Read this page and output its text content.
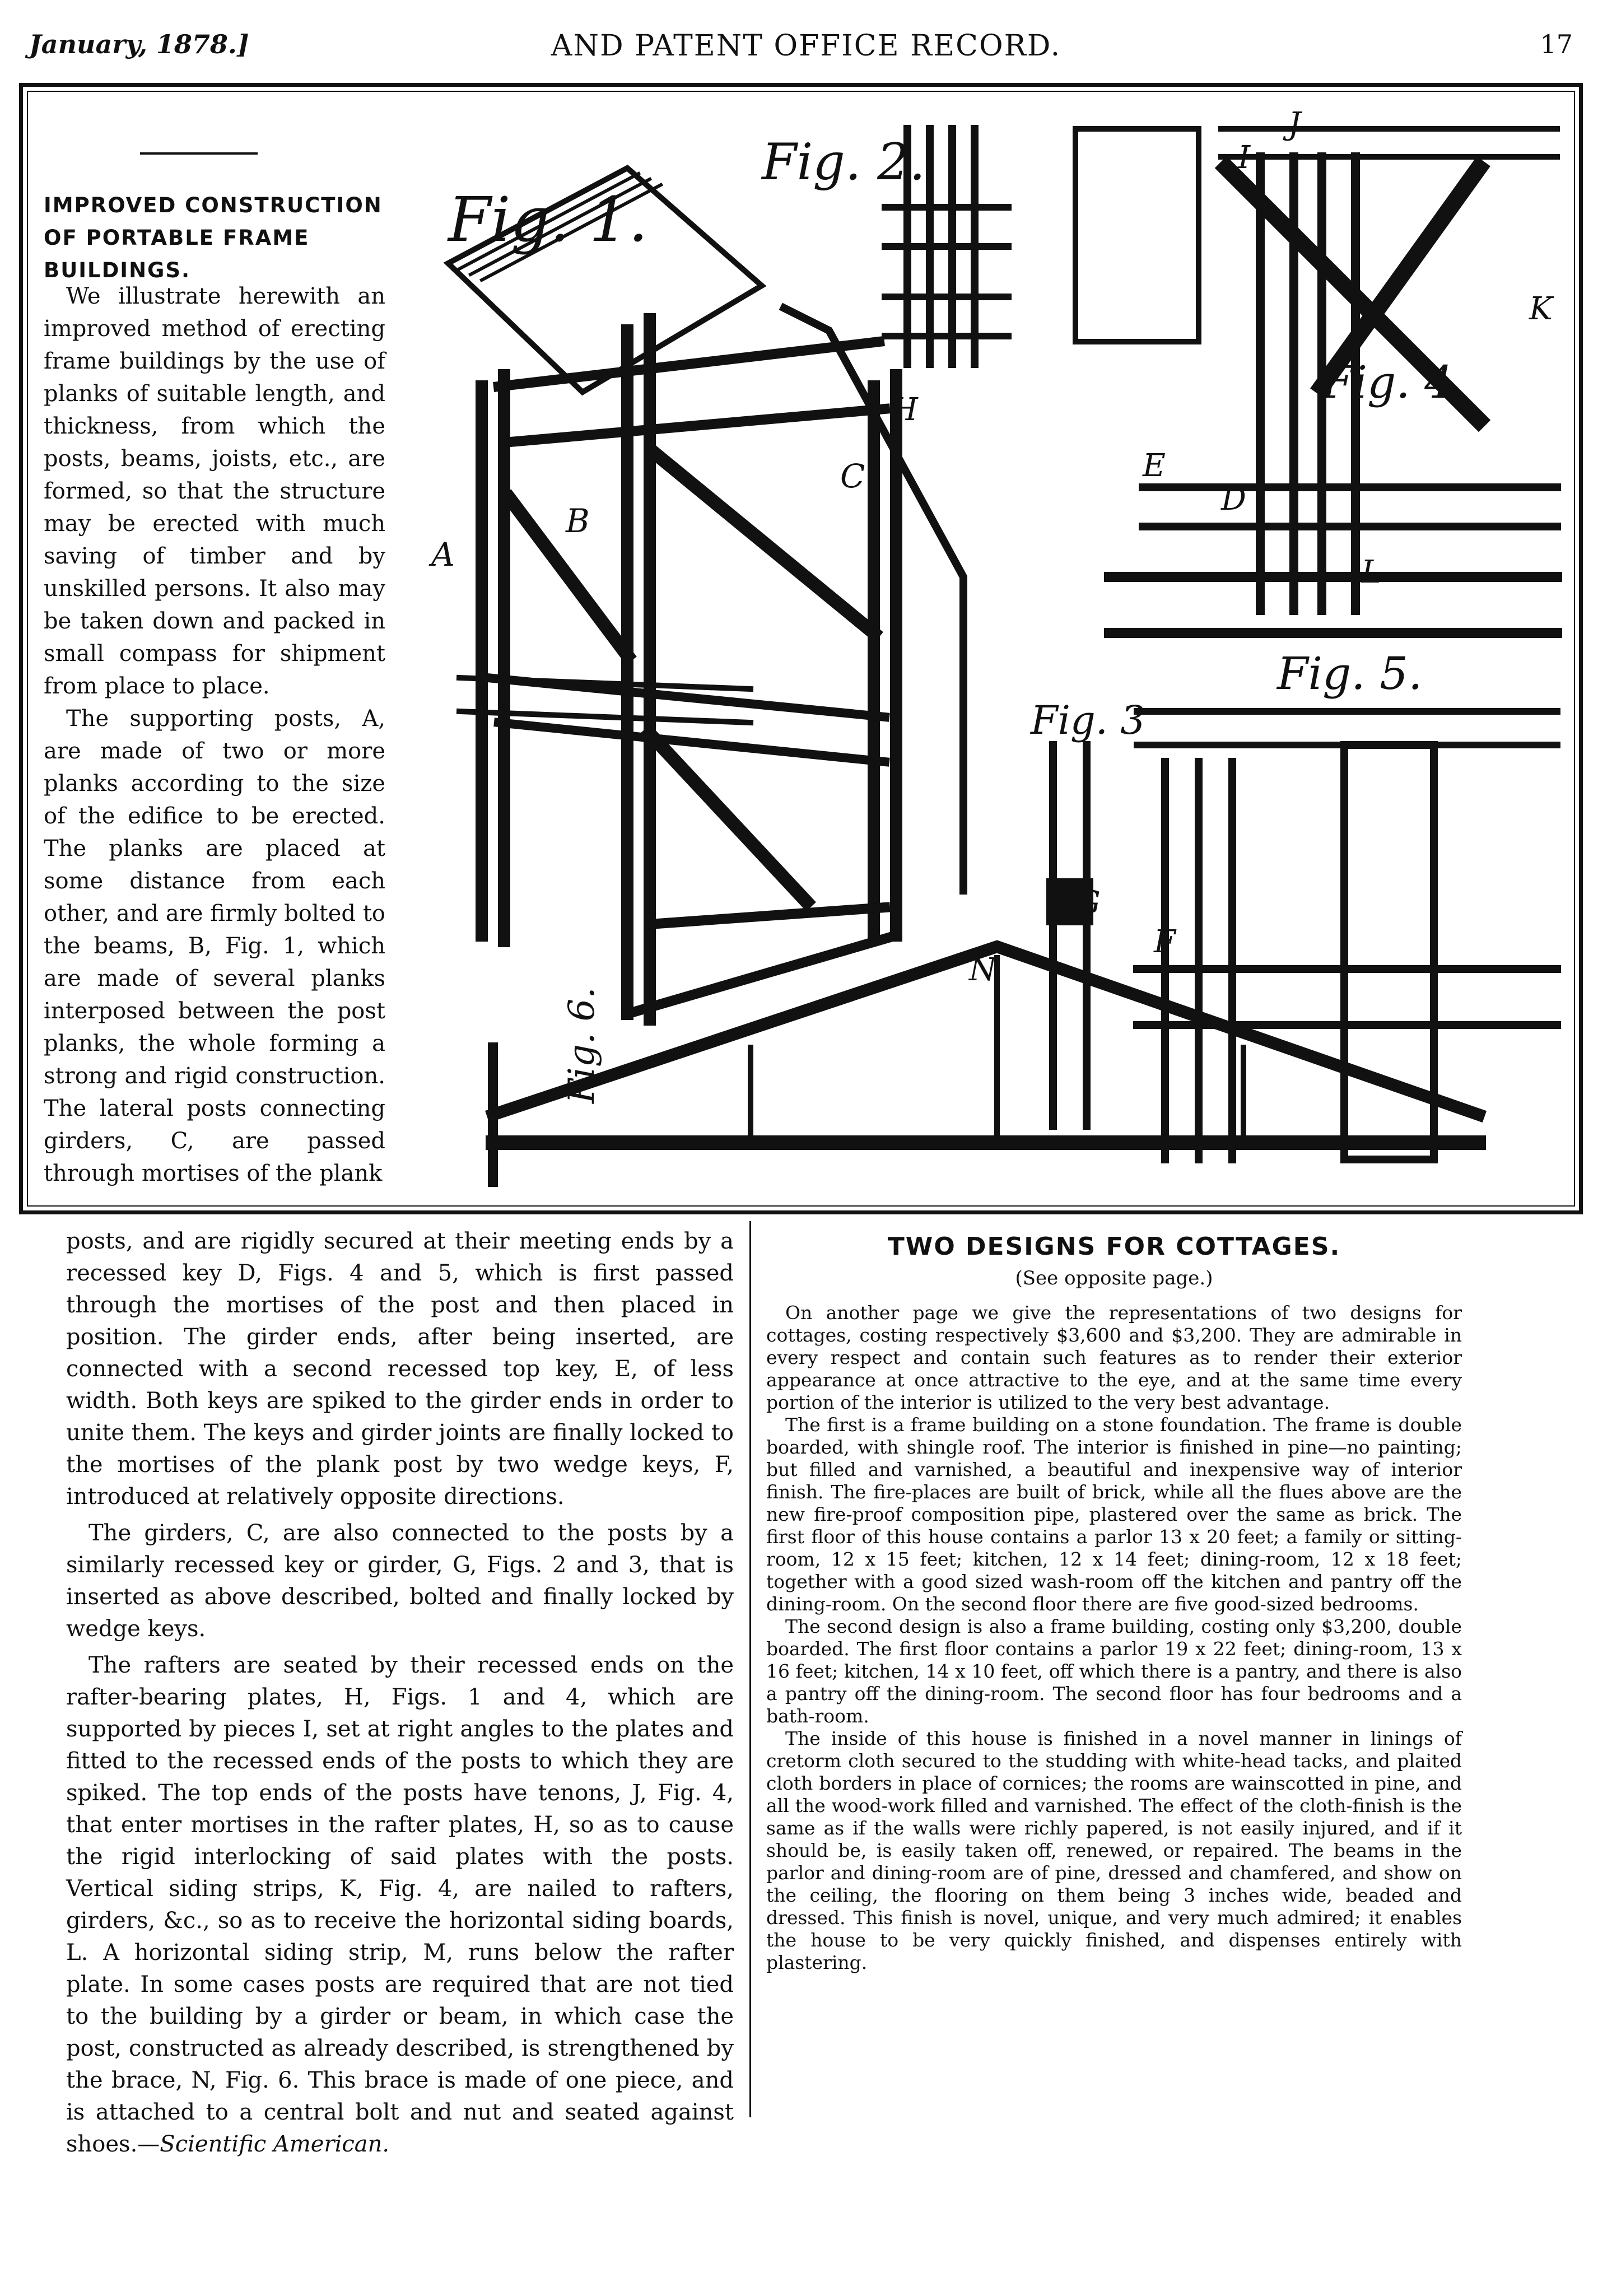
January, 1878.]	AND PATENT OFFICE RECORD.	17
IMPROVED CONSTRUCTION OF PORTABLE FRAME BUILDINGS.

We illustrate herewith an improved method of erecting frame buildings by the use of planks of suitable length, and thickness, from which the posts, beams, joists, etc., are formed, so that the structure may be erected with much saving of timber and by unskilled persons. It also may be taken down and packed in small compass for shipment from place to place.

The supporting posts, A, are made of two or more planks according to the size of the edifice to be erected. The planks are placed at some distance from each other, and are firmly bolted to the beams, B, Fig. 1, which are made of several planks interposed between the post planks, the whole forming a strong and rigid construction. The lateral posts connecting girders, C, are passed through mortises of the plank

Fig. 1.
Fig. 2.
Fig. 4.
Fig. 3
Fig. 5.
Fig. 6.
A
B
C
D
E
F
G
H
I
J
K
L
N

posts, and are rigidly secured at their meeting ends by a recessed key D, Figs. 4 and 5, which is first passed through the mortises of the post and then placed in position. The girder ends, after being inserted, are connected with a second recessed top key, E, of less width. Both keys are spiked to the girder ends in order to unite them. The keys and girder joints are finally locked to the mortises of the plank post by two wedge keys, F, introduced at relatively opposite directions.

The girders, C, are also connected to the posts by a similarly recessed key or girder, G, Figs. 2 and 3, that is inserted as above described, bolted and finally locked by wedge keys.

The rafters are seated by their recessed ends on the rafter-bearing plates, H, Figs. 1 and 4, which are supported by pieces I, set at right angles to the plates and fitted to the recessed ends of the posts to which they are spiked. The top ends of the posts have tenons, J, Fig. 4, that enter mortises in the rafter plates, H, so as to cause the rigid interlocking of said plates with the posts. Vertical siding strips, K, Fig. 4, are nailed to rafters, girders, &c., so as to receive the horizontal siding boards, L. A horizontal siding strip, M, runs below the rafter plate. In some cases posts are required that are not tied to the building by a girder or beam, in which case the post, constructed as already described, is strengthened by the brace, N, Fig. 6. This brace is made of one piece, and is attached to a central bolt and nut and seated against shoes.—Scientific American.

TWO DESIGNS FOR COTTAGES.
(See opposite page.)

On another page we give the representations of two designs for cottages, costing respectively $3,600 and $3,200. They are admirable in every respect and contain such features as to render their exterior appearance at once attractive to the eye, and at the same time every portion of the interior is utilized to the very best advantage.

The first is a frame building on a stone foundation. The frame is double boarded, with shingle roof. The interior is finished in pine—no painting; but filled and varnished, a beautiful and inexpensive way of interior finish. The fire-places are built of brick, while all the flues above are the new fire-proof composition pipe, plastered over the same as brick. The first floor of this house contains a parlor 13 x 20 feet; a family or sitting-room, 12 x 15 feet; kitchen, 12 x 14 feet; dining-room, 12 x 18 feet; together with a good sized wash-room off the kitchen and pantry off the dining-room. On the second floor there are five good-sized bedrooms.

The second design is also a frame building, costing only $3,200, double boarded. The first floor contains a parlor 19 x 22 feet; dining-room, 13 x 16 feet; kitchen, 14 x 10 feet, off which there is a pantry, and there is also a pantry off the dining-room. The second floor has four bedrooms and a bath-room.

The inside of this house is finished in a novel manner in linings of cretorm cloth secured to the studding with white-head tacks, and plaited cloth borders in place of cornices; the rooms are wainscotted in pine, and all the wood-work filled and varnished. The effect of the cloth-finish is the same as if the walls were richly papered, is not easily injured, and if it should be, is easily taken off, renewed, or repaired. The beams in the parlor and dining-room are of pine, dressed and chamfered, and show on the ceiling, the flooring on them being 3 inches wide, beaded and dressed. This finish is novel, unique, and very much admired; it enables the house to be very quickly finished, and dispenses entirely with plastering.
